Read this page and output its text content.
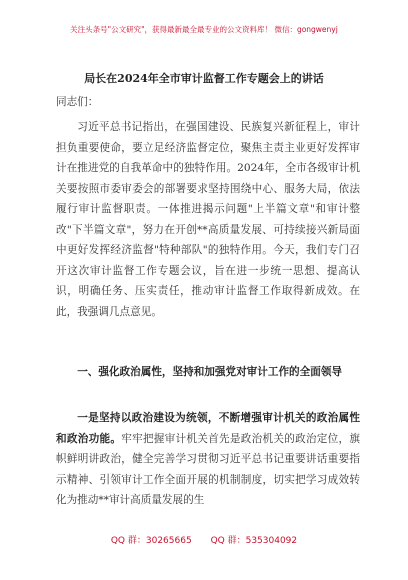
关注头条号"公文研究"，获得最新最全最专业的公文资料库！ 微信：gongwenyj
局长在2024年全市审计监督工作专题会上的讲话

同志们：

习近平总书记指出，在强国建设、民族复兴新征程上，审计担负重要使命，要立足经济监督定位，聚焦主责主业更好发挥审计在推进党的自我革命中的独特作用。2024年，全市各级审计机关要按照市委审委会的部署要求坚持围绕中心、服务大局，依法履行审计监督职责。一体推进揭示问题"上半篇文章"和审计整改"下半篇文章"，努力在开创**高质量发展、可持续接兴新局面中更好发挥经济监督"特种部队"的独特作用。今天，我们专门召开这次审计监督工作专题会议，旨在进一步统一思想、提高认识，明确任务、压实责任，推动审计监督工作取得新成效。在此，我强调几点意见。

一、强化政治属性，坚持和加强党对审计工作的全面领导

一是坚持以政治建设为统领，不断增强审计机关的政治属性和政治功能。牢牢把握审计机关首先是政治机关的政治定位，旗帜鲜明讲政治，健全完善学习贯彻习近平总书记重要讲话重要指示精神、引领审计工作全面开展的机制制度，切实把学习成效转化为推动**审计高质量发展的生

QQ 群：30265665 QQ 群：535304092
